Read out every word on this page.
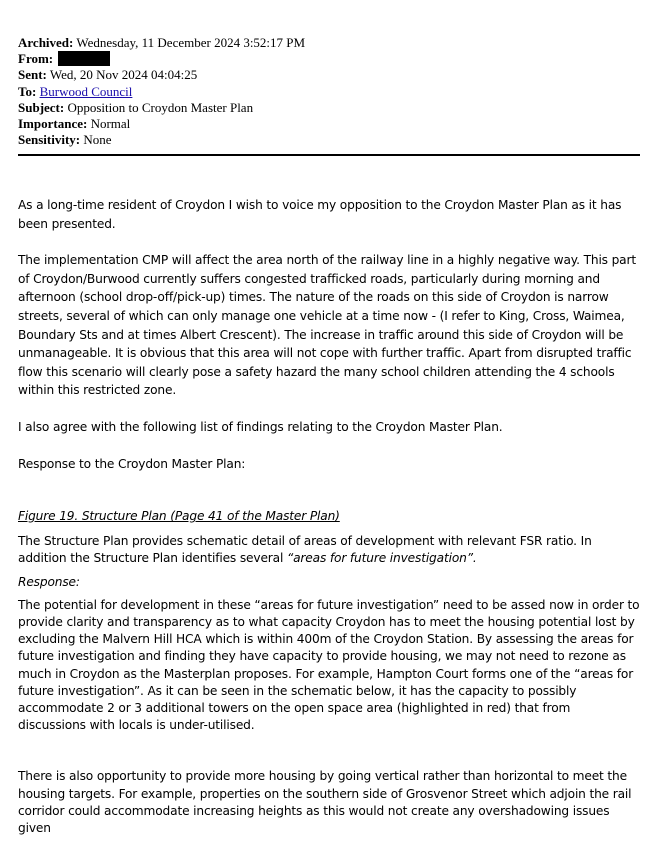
Archived: Wednesday, 11 December 2024 3:52:17 PM
From:
Sent: Wed, 20 Nov 2024 04:04:25
To: Burwood Council
Subject: Opposition to Croydon Master Plan
Importance: Normal
Sensitivity: None

As a long-time resident of Croydon I wish to voice my opposition to the Croydon Master Plan as it has been presented.

The implementation CMP will affect the area north of the railway line in a highly negative way. This part of Croydon/Burwood currently suffers congested trafficked roads, particularly during morning and afternoon (school drop-off/pick-up) times. The nature of the roads on this side of Croydon is narrow streets, several of which can only manage one vehicle at a time now - (I refer to King, Cross, Waimea, Boundary Sts and at times Albert Crescent). The increase in traffic around this side of Croydon will be unmanageable. It is obvious that this area will not cope with further traffic. Apart from disrupted traffic flow this scenario will clearly pose a safety hazard the many school children attending the 4 schools within this restricted zone.

I also agree with the following list of findings relating to the Croydon Master Plan.

Response to the Croydon Master Plan:

Figure 19. Structure Plan (Page 41 of the Master Plan)

The Structure Plan provides schematic detail of areas of development with relevant FSR ratio. In addition the Structure Plan identifies several “areas for future investigation”.

Response:

The potential for development in these “areas for future investigation” need to be assed now in order to provide clarity and transparency as to what capacity Croydon has to meet the housing potential lost by excluding the Malvern Hill HCA which is within 400m of the Croydon Station. By assessing the areas for future investigation and finding they have capacity to provide housing, we may not need to rezone as much in Croydon as the Masterplan proposes. For example, Hampton Court forms one of the “areas for future investigation”. As it can be seen in the schematic below, it has the capacity to possibly accommodate 2 or 3 additional towers on the open space area (highlighted in red) that from discussions with locals is under-utilised.

There is also opportunity to provide more housing by going vertical rather than horizontal to meet the housing targets. For example, properties on the southern side of Grosvenor Street which adjoin the rail corridor could accommodate increasing heights as this would not create any overshadowing issues given
